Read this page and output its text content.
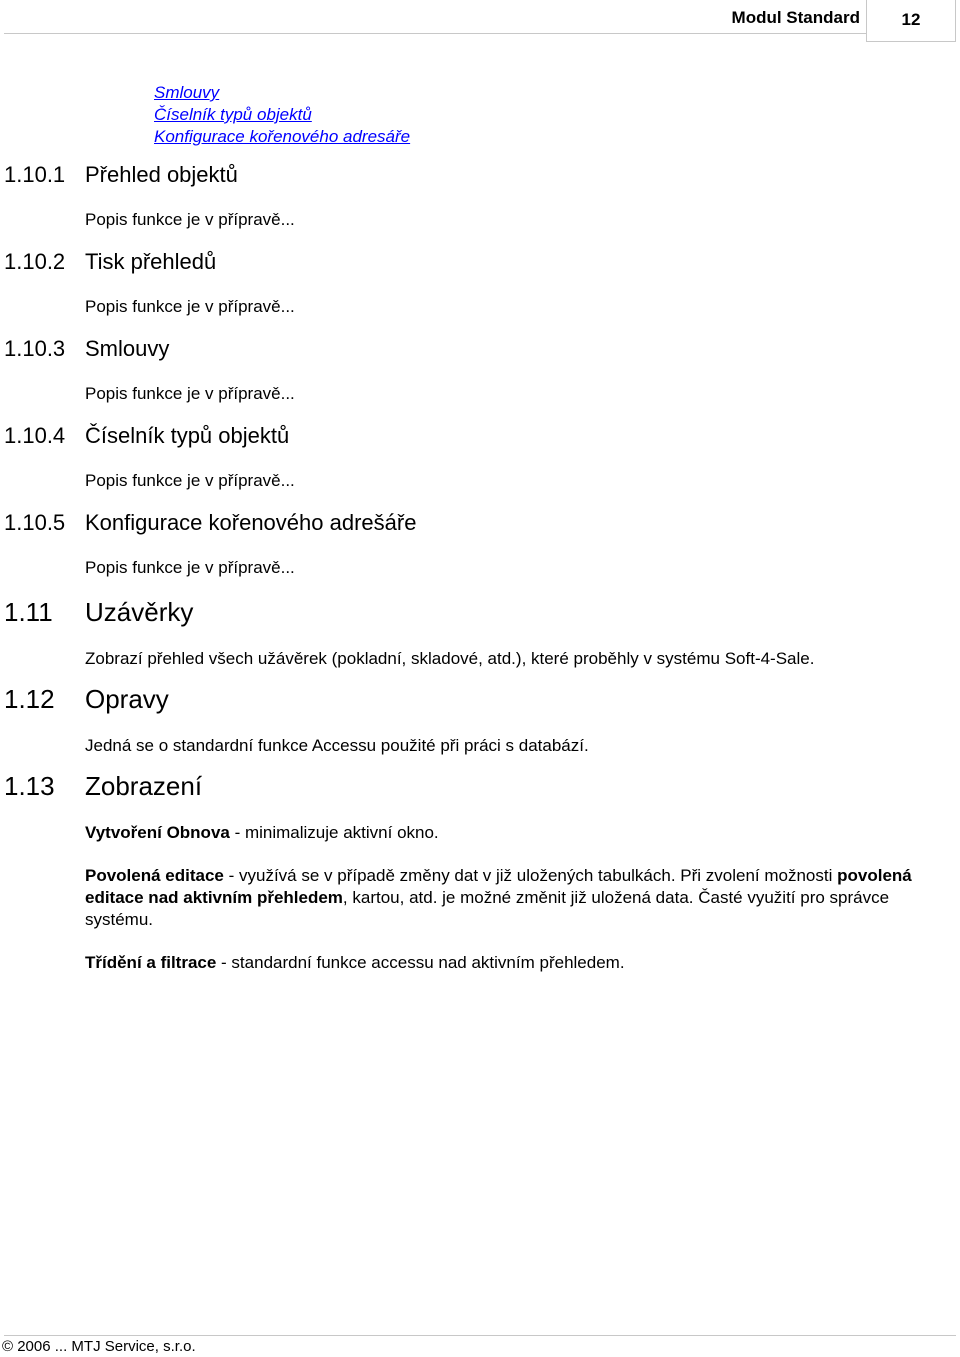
Modul Standard	12
Smlouvy
Číselník typů objektů
Konfigurace kořenového adresáře
1.10.1 Přehled objektů
Popis funkce je v přípravě...
1.10.2 Tisk přehledů
Popis funkce je v přípravě...
1.10.3 Smlouvy
Popis funkce je v přípravě...
1.10.4 Číselník typů objektů
Popis funkce je v přípravě...
1.10.5 Konfigurace kořenového adrešáře
Popis funkce je v přípravě...
1.11 Uzávěrky
Zobrazí přehled všech užávěrek (pokladní, skladové, atd.), které proběhly v systému Soft-4-Sale.
1.12 Opravy
Jedná se o standardní funkce Accessu použité při práci s databází.
1.13 Zobrazení
Vytvoření Obnova - minimalizuje aktivní okno.
Povolená editace - využívá se v případě změny dat v již uložených tabulkách. Při zvolení možnosti povolená editace nad aktivním přehledem, kartou, atd. je možné změnit již uložená data. Časté využití pro správce systému.
Třídění a filtrace - standardní funkce accessu nad aktivním přehledem.
© 2006 ... MTJ Service, s.r.o.
